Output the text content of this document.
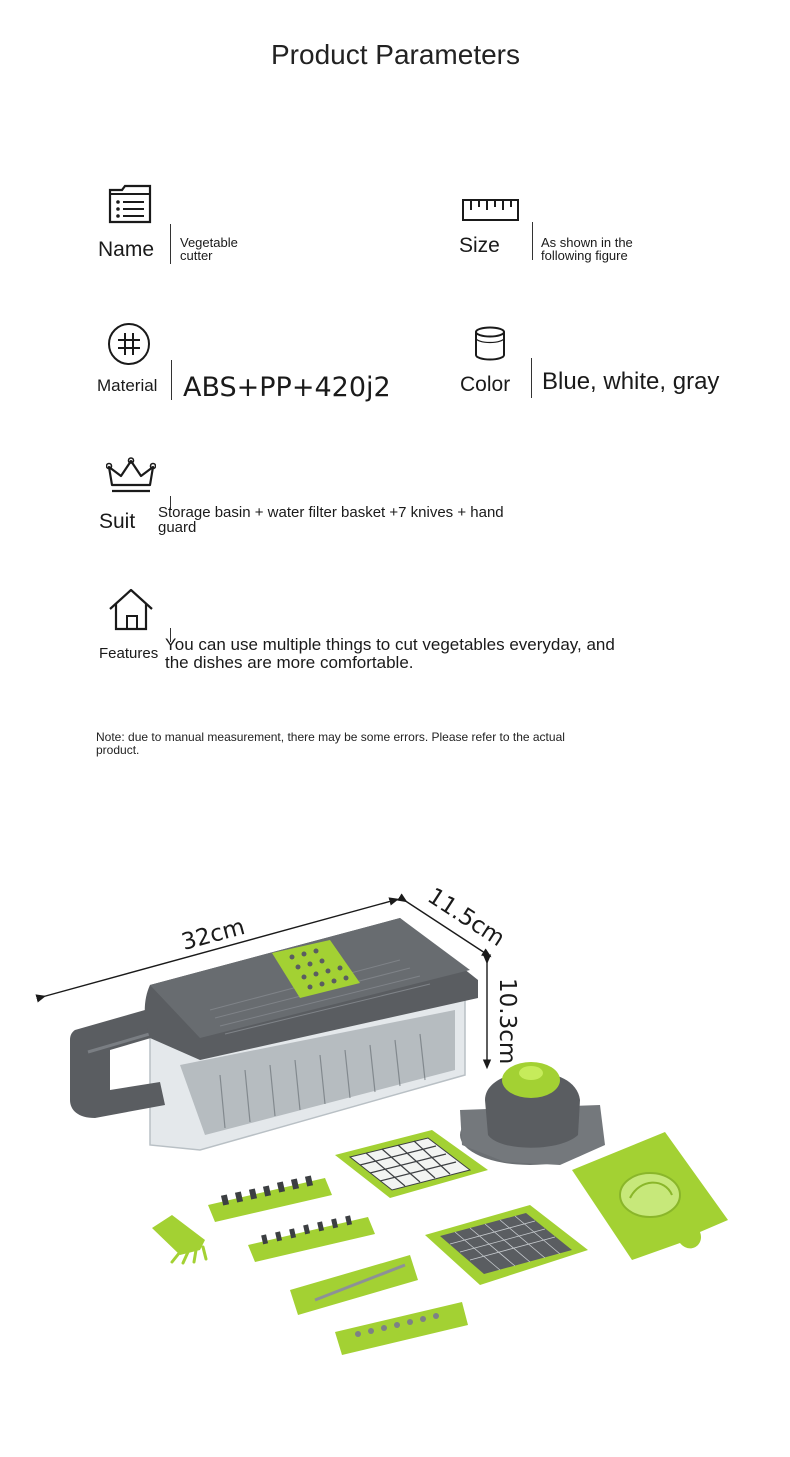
Product Parameters
Name Vegetable cutter	Size	As shown in the following figure
Material ABS+PP+420j2	Color Blue, white, gray
Suit Storage basin + water filter basket +7 knives + hand guard
Features You can use multiple things to cut vegetables everyday, and the dishes are more comfortable.
Note: due to manual measurement, there may be some errors. Please refer to the actual product.
32cm	11.5cm
10.3cm
